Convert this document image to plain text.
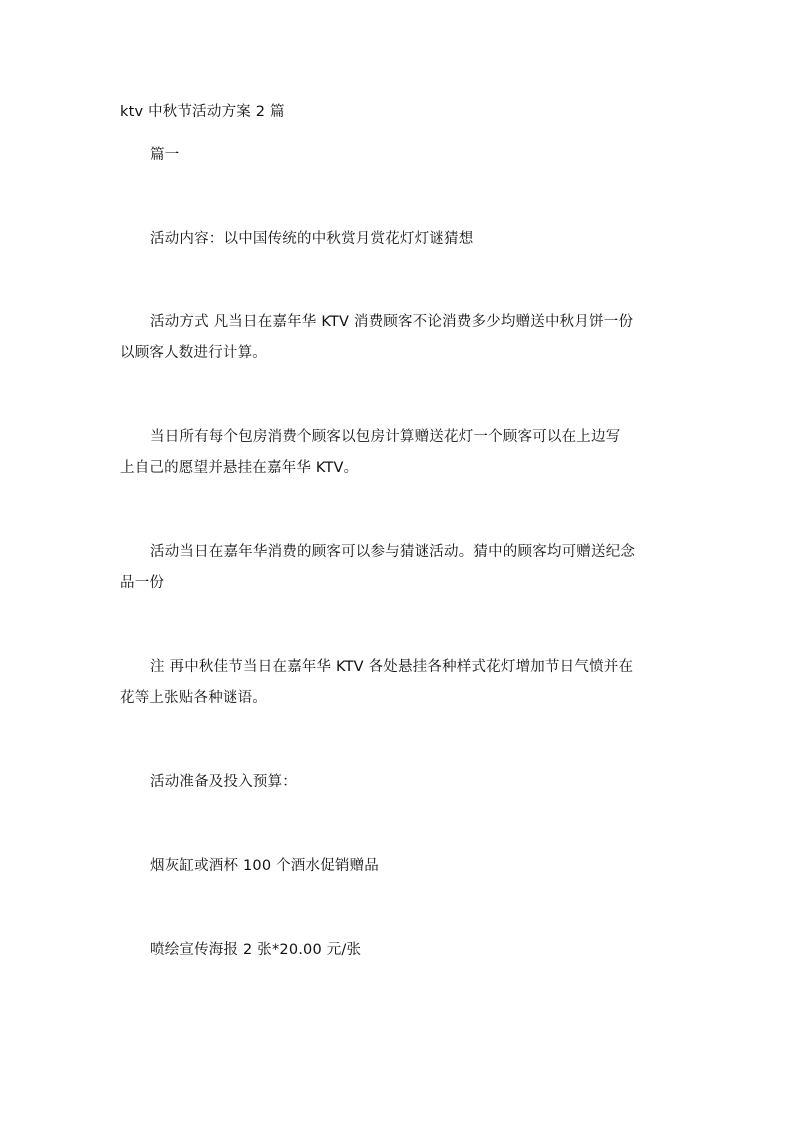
ktv 中秋节活动方案 2 篇
篇一
活动内容：以中国传统的中秋赏月赏花灯灯谜猜想
活动方式 凡当日在嘉年华 KTV 消费顾客不论消费多少均赠送中秋月饼一份
以顾客人数进行计算。
当日所有每个包房消费个顾客以包房计算赠送花灯一个顾客可以在上边写
上自己的愿望并悬挂在嘉年华 KTV。
活动当日在嘉年华消费的顾客可以参与猜谜活动。猜中的顾客均可赠送纪念
品一份
注 再中秋佳节当日在嘉年华 KTV 各处悬挂各种样式花灯增加节日气愤并在
花等上张贴各种谜语。
活动准备及投入预算：
烟灰缸或酒杯 100 个酒水促销赠品
喷绘宣传海报 2 张*20.00 元/张
